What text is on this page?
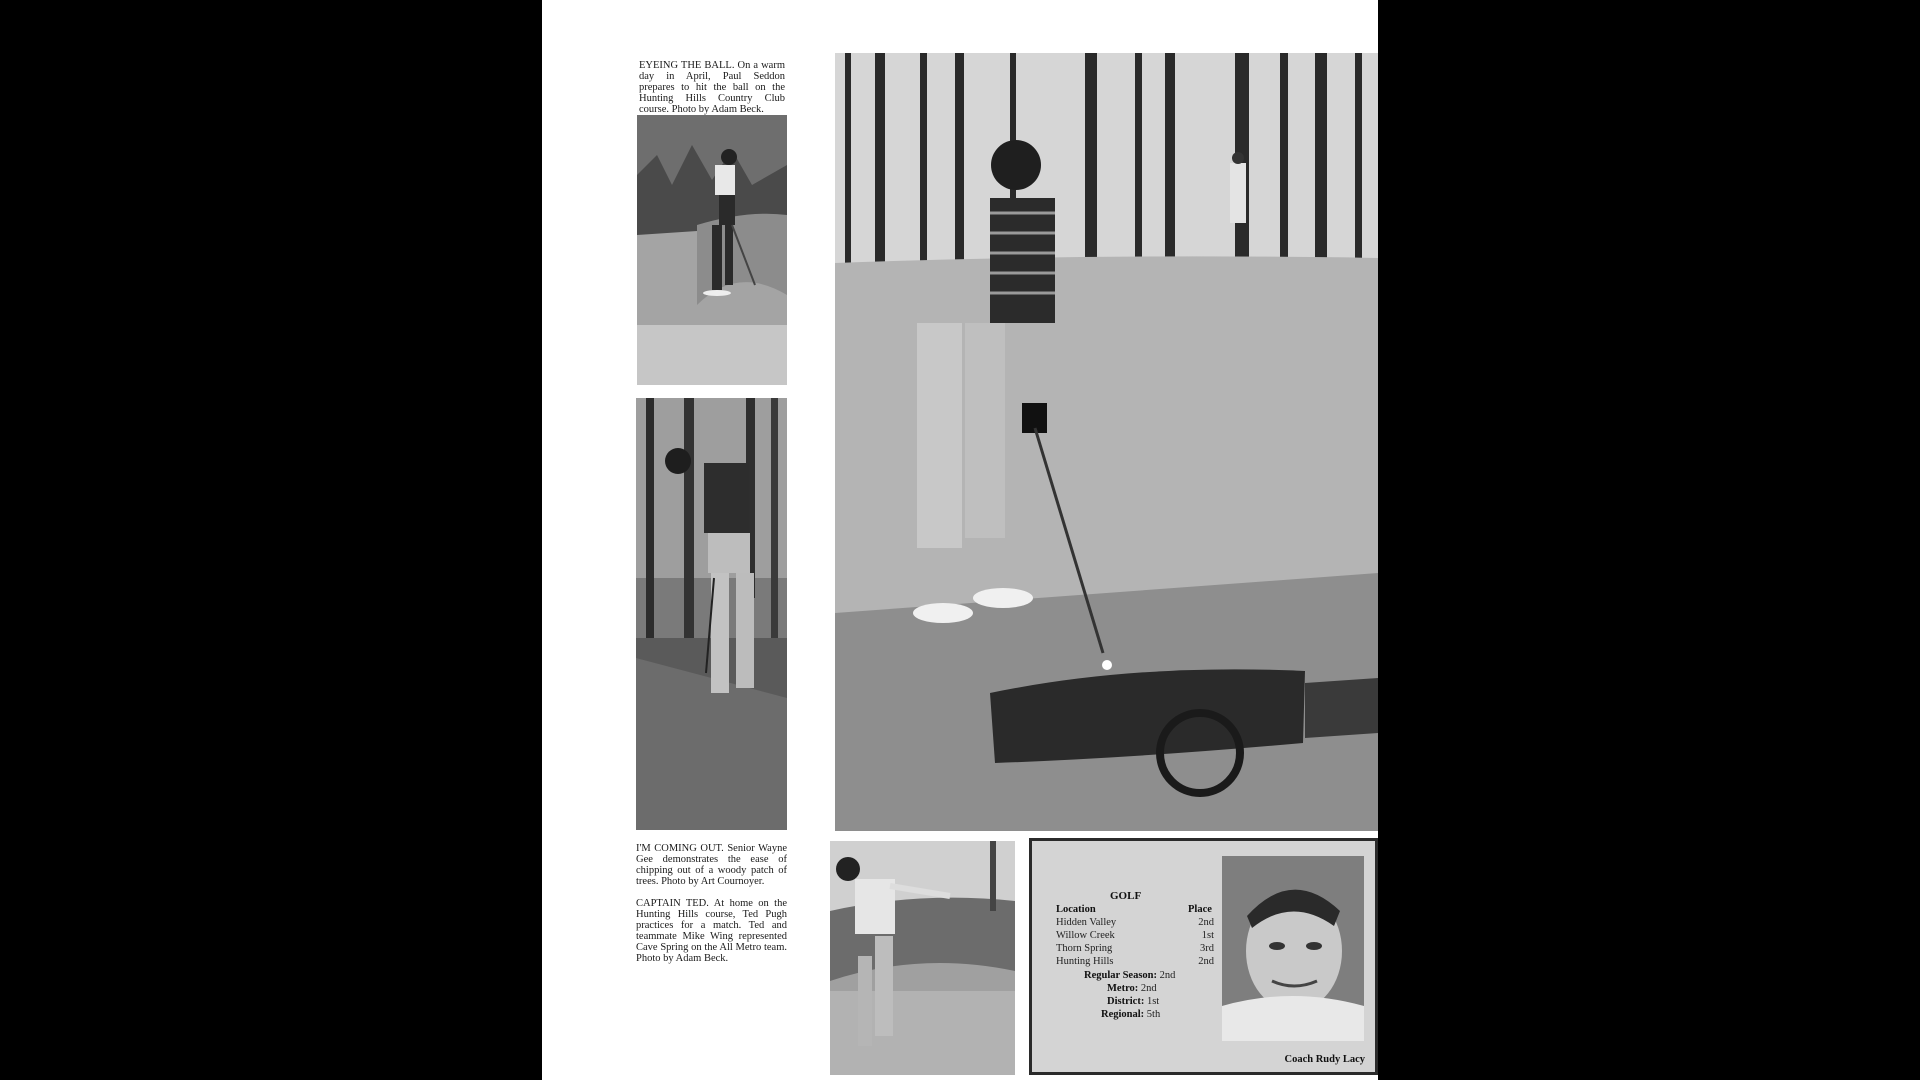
EYEING THE BALL. On a warm day in April, Paul Seddon prepares to hit the ball on the Hunting Hills Country Club course. Photo by Adam Beck.
I'M COMING OUT. Senior Wayne Gee demonstrates the ease of chipping out of a woody patch of trees. Photo by Art Cournoyer.
CAPTAIN TED. At home on the Hunting Hills course, Ted Pugh practices for a match. Ted and teammate Mike Wing represented Cave Spring on the All Metro team. Photo by Adam Beck.
GOLF
Location	Place
Hidden Valley	2nd
Willow Creek	1st
Thorn Spring	3rd
Hunting Hills	2nd
Regular Season: 2nd
Metro: 2nd
District: 1st
Regional: 5th
Coach Rudy Lacy
